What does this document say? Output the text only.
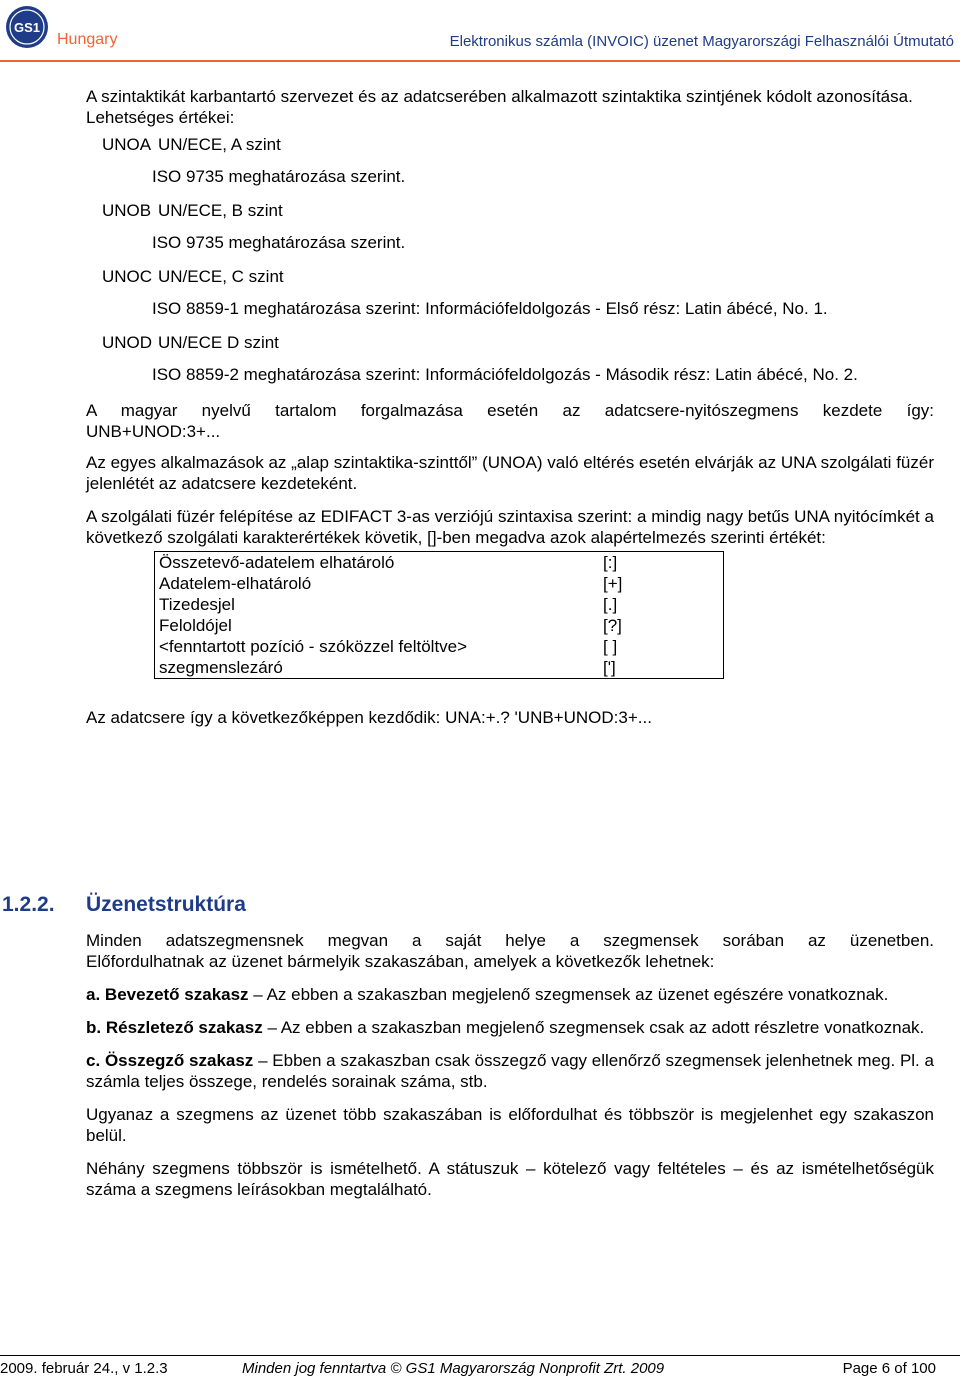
GS1
Hungary	Elektronikus számla (INVOIC) üzenet Magyarországi Felhasználói Útmutató

A szintaktikát karbantartó szervezet és az adatcserében alkalmazott szintaktika szintjének kódolt azonosítása.

Lehetséges értékei:

UNOA UN/ECE, A szint
ISO 9735 meghatározása szerint.
UNOB UN/ECE, B szint
ISO 9735 meghatározása szerint.
UNOC UN/ECE, C szint
ISO 8859-1 meghatározása szerint: Információfeldolgozás - Első rész: Latin ábécé, No. 1.
UNOD UN/ECE D szint
ISO 8859-2 meghatározása szerint: Információfeldolgozás - Második rész: Latin ábécé, No. 2.

A magyar nyelvű tartalom forgalmazása esetén az adatcsere-nyitószegmens kezdete így:

UNB+UNOD:3+...

Az egyes alkalmazások az „alap szintaktika-szinttől” (UNOA) való eltérés esetén elvárják az UNA szolgálati füzér jelenlétét az adatcsere kezdeteként.

A szolgálati füzér felépítése az EDIFACT 3-as verziójú szintaxisa szerint: a mindig nagy betűs UNA nyitócímkét a következő szolgálati karakterértékek követik, []-ben megadva azok alapértelmezés szerinti értékét:

Összetevő-adatelem elhatároló	[:]
Adatelem-elhatároló	[+]
Tizedesjel	[.]
Feloldójel	[?]
<fenntartott pozíció - szóközzel feltöltve>	[ ]
szegmenslezáró	[']

Az adatcsere így a következőképpen kezdődik: UNA:+.? 'UNB+UNOD:3+...

1.2.2. Üzenetstruktúra

Minden adatszegmensnek megvan a saját helye a szegmensek sorában az üzenetben.

Előfordulhatnak az üzenet bármelyik szakaszában, amelyek a következők lehetnek:

a. Bevezető szakasz – Az ebben a szakaszban megjelenő szegmensek az üzenet egészére vonatkoznak.

b. Részletező szakasz – Az ebben a szakaszban megjelenő szegmensek csak az adott részletre vonatkoznak.

c. Összegző szakasz – Ebben a szakaszban csak összegző vagy ellenőrző szegmensek jelenhetnek meg. Pl. a számla teljes összege, rendelés sorainak száma, stb.

Ugyanaz a szegmens az üzenet több szakaszában is előfordulhat és többször is megjelenhet egy szakaszon belül.

Néhány szegmens többször is ismételhető. A státuszuk – kötelező vagy feltételes – és az ismételhetőségük száma a szegmens leírásokban megtalálható.

2009. február 24., v 1.2.3	Minden jog fenntartva © GS1 Magyarország Nonprofit Zrt. 2009	Page 6 of 100
